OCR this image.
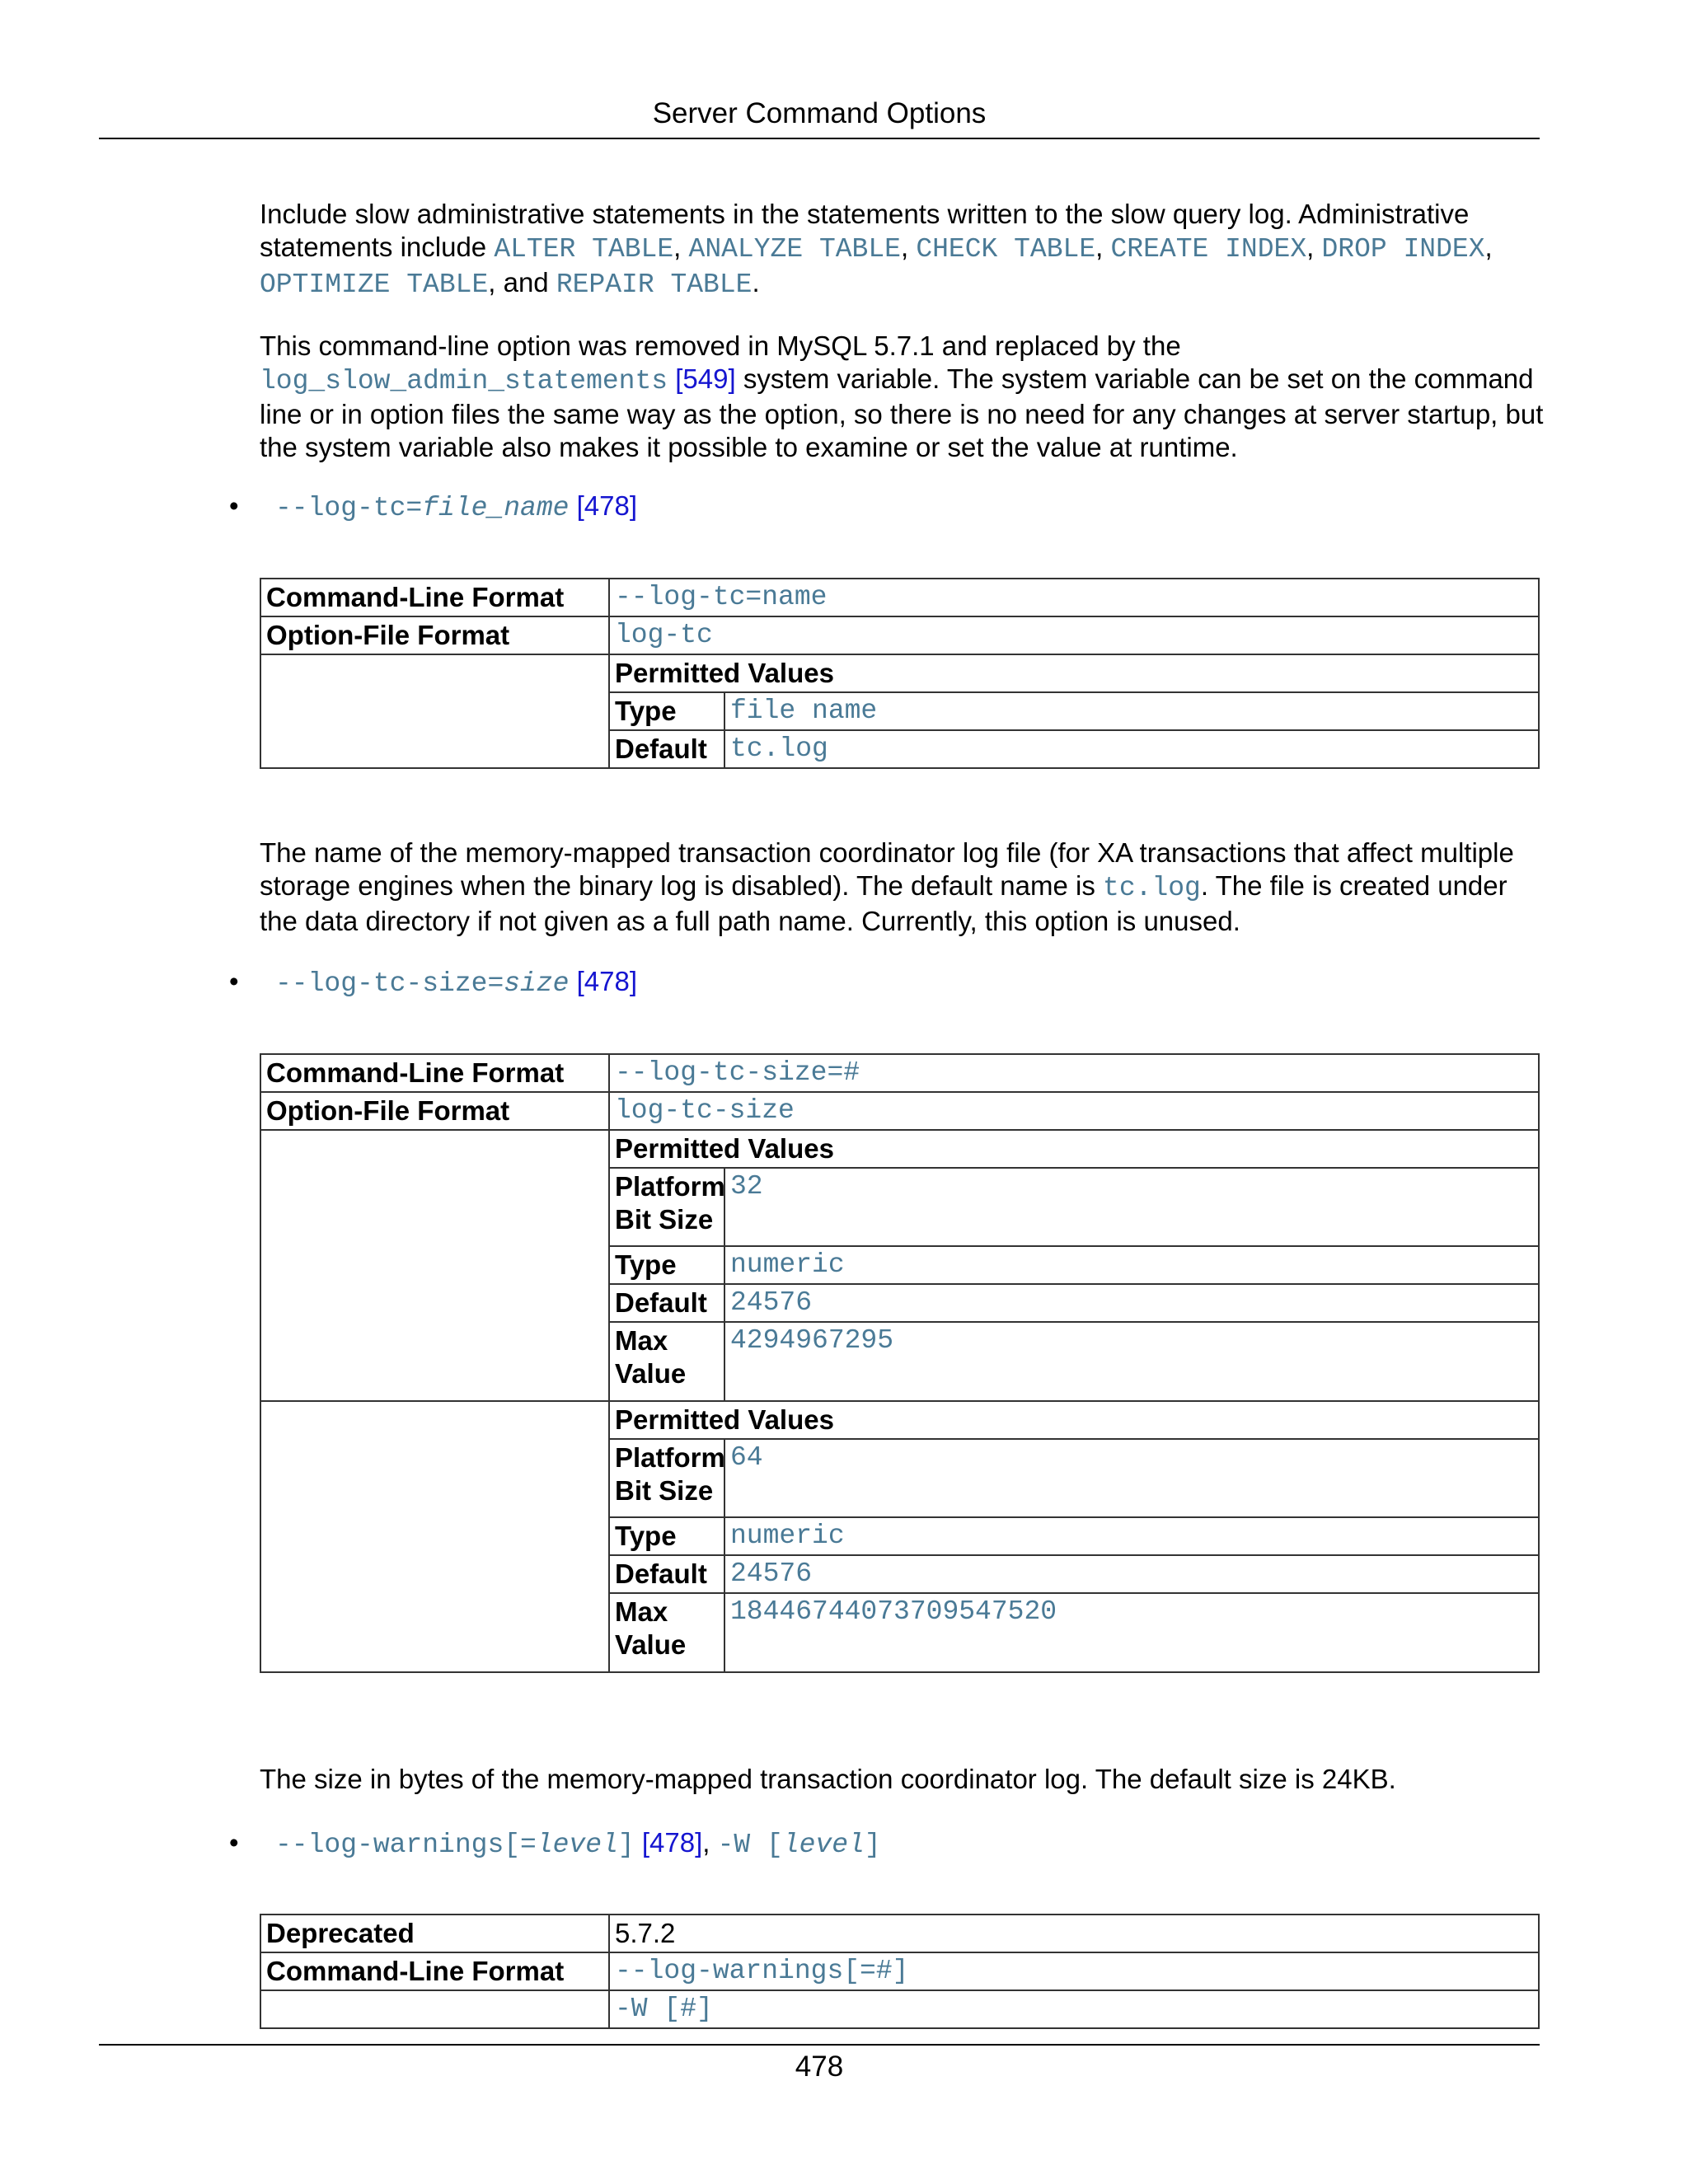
Server Command Options

Include slow administrative statements in the statements written to the slow query log. Administrative statements include ALTER TABLE, ANALYZE TABLE, CHECK TABLE, CREATE INDEX, DROP INDEX, OPTIMIZE TABLE, and REPAIR TABLE.

This command-line option was removed in MySQL 5.7.1 and replaced by the log_slow_admin_statements [549] system variable. The system variable can be set on the command line or in option files the same way as the option, so there is no need for any changes at server startup, but the system variable also makes it possible to examine or set the value at runtime.

• --log-tc=file_name [478]
Command-Line Format	--log-tc=name
Option-File Format	log-tc

Permitted Values
Type	file name
Default	tc.log

The name of the memory-mapped transaction coordinator log file (for XA transactions that affect multiple storage engines when the binary log is disabled). The default name is tc.log. The file is created under the data directory if not given as a full path name. Currently, this option is unused.

• --log-tc-size=size [478]
Command-Line Format	--log-tc-size=#
Option-File Format	log-tc-size

Permitted Values
Platform
Bit Size	32
Type	numeric
Default	24576
Max
Value	4294967295

Permitted Values
Platform
Bit Size	64
Type	numeric
Default	24576
Max
Value	18446744073709547520

The size in bytes of the memory-mapped transaction coordinator log. The default size is 24KB.

• --log-warnings[=level] [478], -W [level]
Deprecated	5.7.2
Command-Line Format	--log-warnings[=#]
	-W [#]
478
